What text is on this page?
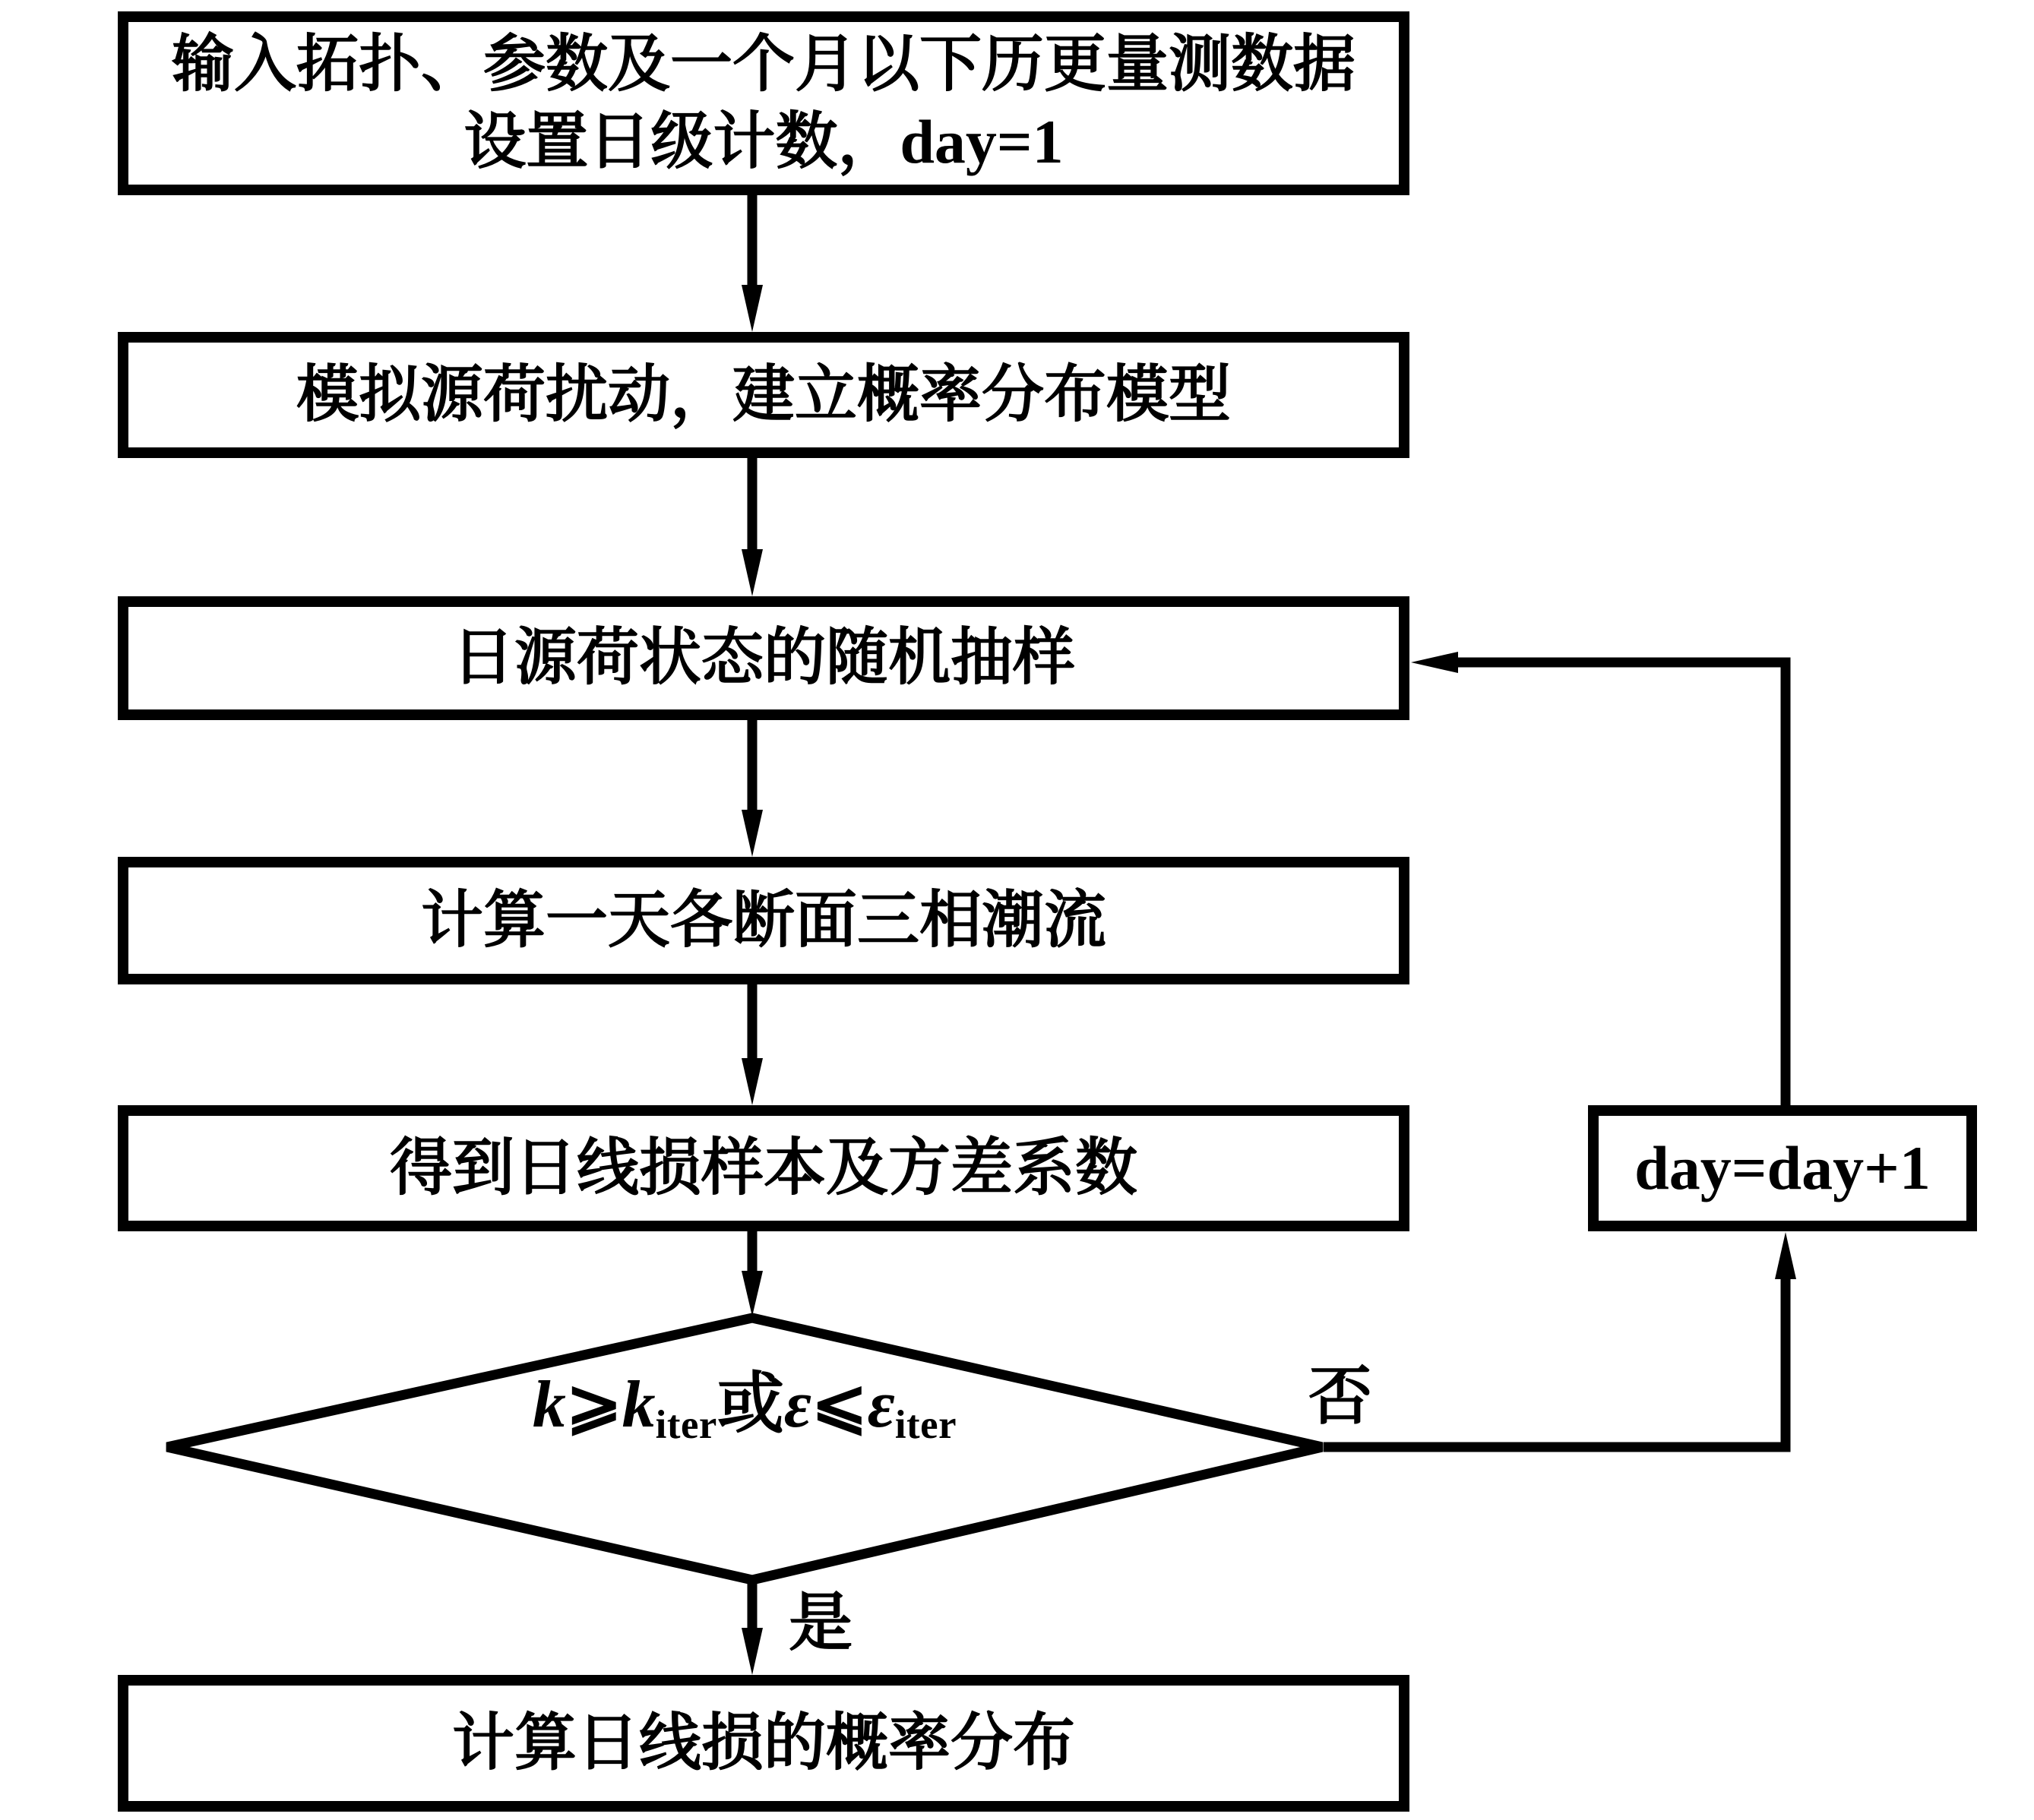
输入拓扑、参数及一个月以下历更量测数据
设置日级计数，day=1
模拟源荷扰动，建立概率分布模型
日源荷状态的随机抽样
计算一天各断面三相潮流
得到日线损样本及方差系数
计算日线损的概率分布
day=day+1
$k⩾k_{iter}$或$\varepsilon⩽\varepsilon_{iter}$	否
是
